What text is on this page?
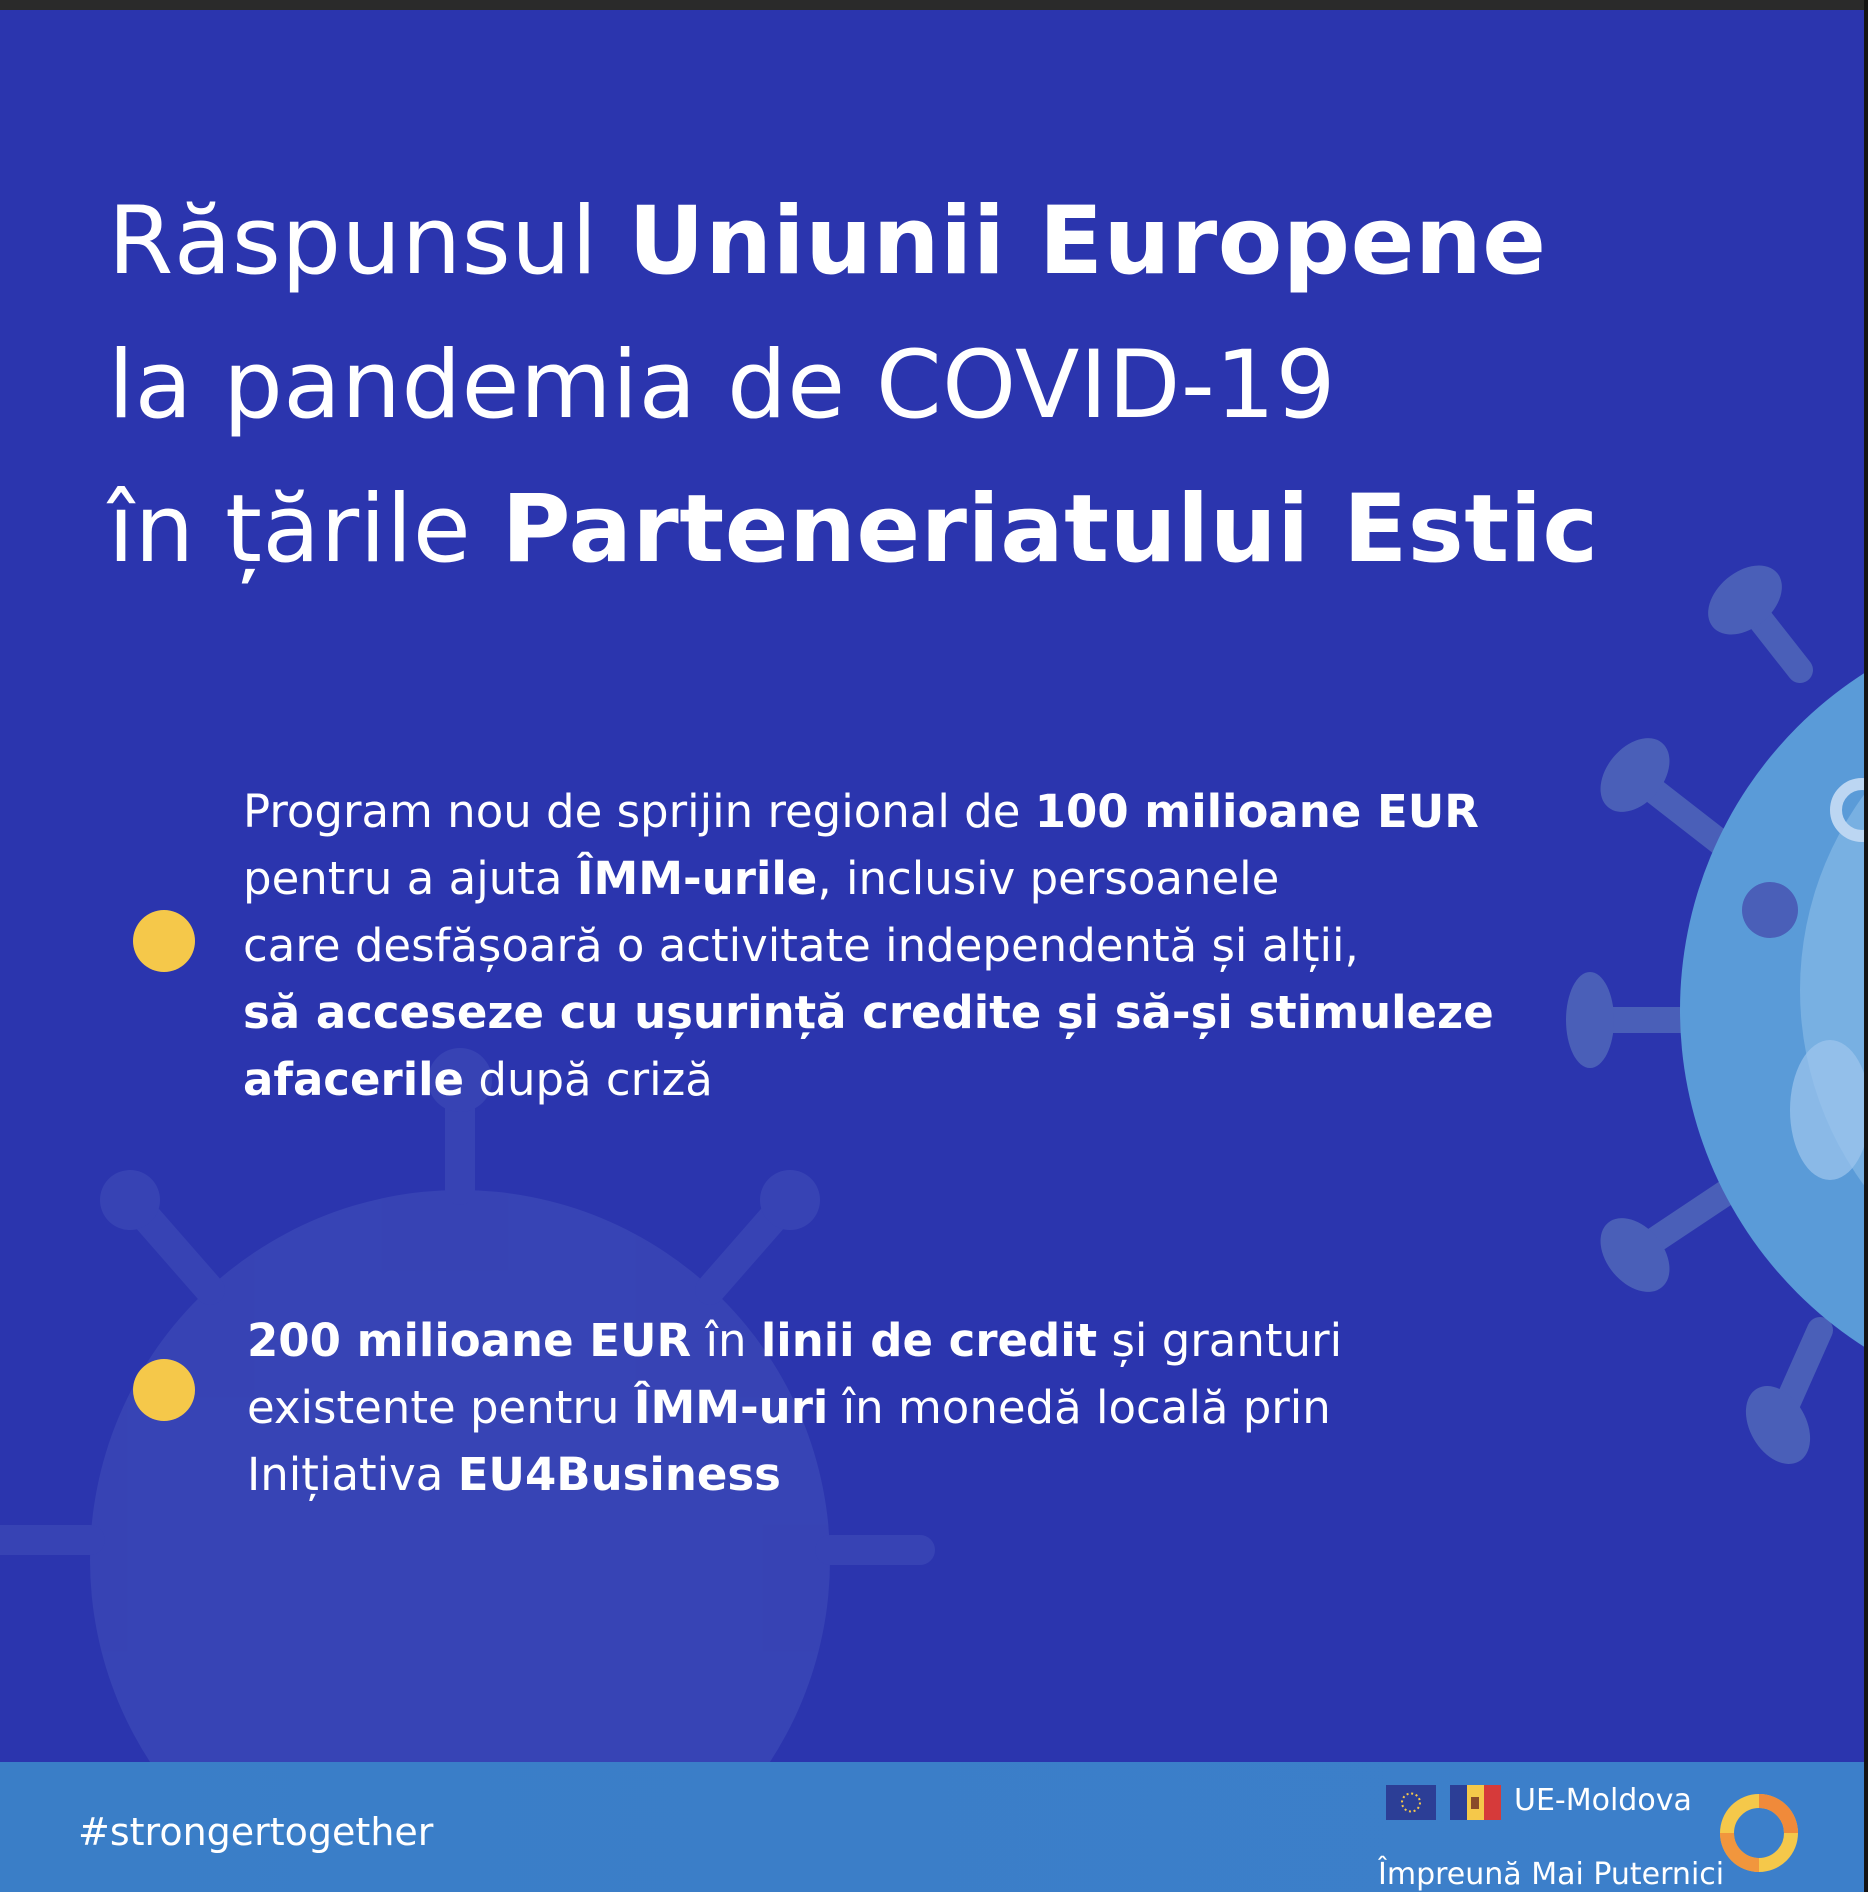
Răspunsul Uniunii Europene
la pandemia de COVID-19
în țările Parteneriatului Estic
Program nou de sprijin regional de 100 milioane EUR
pentru a ajuta ÎMM-urile, inclusiv persoanele
care desfășoară o activitate independentă și alții,
să acceseze cu ușurință credite și să-și stimuleze
afacerile după criză
200 milioane EUR în linii de credit și granturi
existente pentru ÎMM-uri în monedă locală prin
Inițiativa EU4Business
#strongertogether
UE-Moldova
Împreună Mai Puternici
